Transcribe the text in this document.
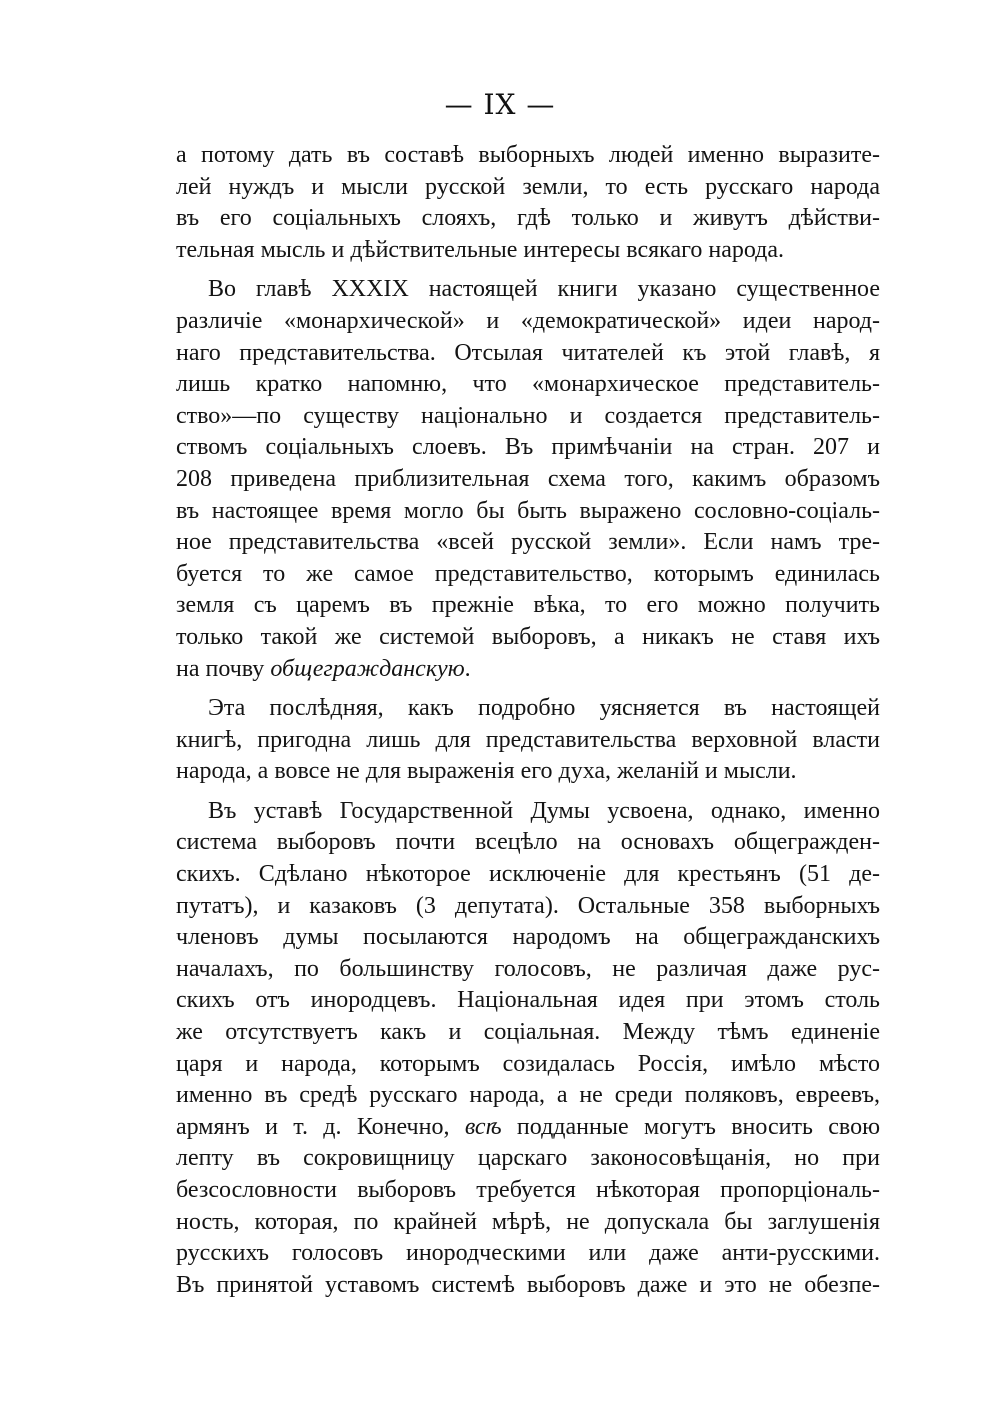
— IX —
а потому дать въ составѣ выборныхъ людей именно выразите-
лей нуждъ и мысли русской земли, то есть русскаго народа
въ его соціальныхъ слояхъ, гдѣ только и живутъ дѣйстви-
тельная мысль и дѣйствительные интересы всякаго народа.
Во главѣ XXXIX настоящей книги указано существенное
различіе «монархической» и «демократической» идеи народ-
наго представительства. Отсылая читателей къ этой главѣ, я
лишь кратко напомню, что «монархическое представитель-
ство»—по существу національно и создается представитель-
ствомъ соціальныхъ слоевъ. Въ примѣчаніи на стран. 207 и
208 приведена приблизительная схема того, какимъ образомъ
въ настоящее время могло бы быть выражено сословно-соціаль-
ное представительства «всей русской земли». Если намъ тре-
буется то же самое представительство, которымъ единилась
земля съ царемъ въ прежніе вѣка, то его можно получить
только такой же системой выборовъ, а никакъ не ставя ихъ
на почву общегражданскую.
Эта послѣдняя, какъ подробно уясняется въ настоящей
книгѣ, пригодна лишь для представительства верховной власти
народа, а вовсе не для выраженія его духа, желаній и мысли.
Въ уставѣ Государственной Думы усвоена, однако, именно
система выборовъ почти всецѣло на основахъ общегражден-
скихъ. Сдѣлано нѣкоторое исключеніе для крестьянъ (51 де-
путатъ), и казаковъ (3 депутата). Остальные 358 выборныхъ
членовъ думы посылаются народомъ на общегражданскихъ
началахъ, по большинству голосовъ, не различая даже рус-
скихъ отъ инородцевъ. Національная идея при этомъ столь
же отсутствуетъ какъ и соціальная. Между тѣмъ единеніе
царя и народа, которымъ созидалась Россія, имѣло мѣсто
именно въ средѣ русскаго народа, а не среди поляковъ, евреевъ,
армянъ и т. д. Конечно, всѣ подданные могутъ вносить свою
лепту въ сокровищницу царскаго законосовѣщанія, но при
безсословности выборовъ требуется нѣкоторая пропорціональ-
ность, которая, по крайней мѣрѣ, не допускала бы заглушенія
русскихъ голосовъ инородческими или даже анти-русскими.
Въ принятой уставомъ системѣ выборовъ даже и это не обезпе-
